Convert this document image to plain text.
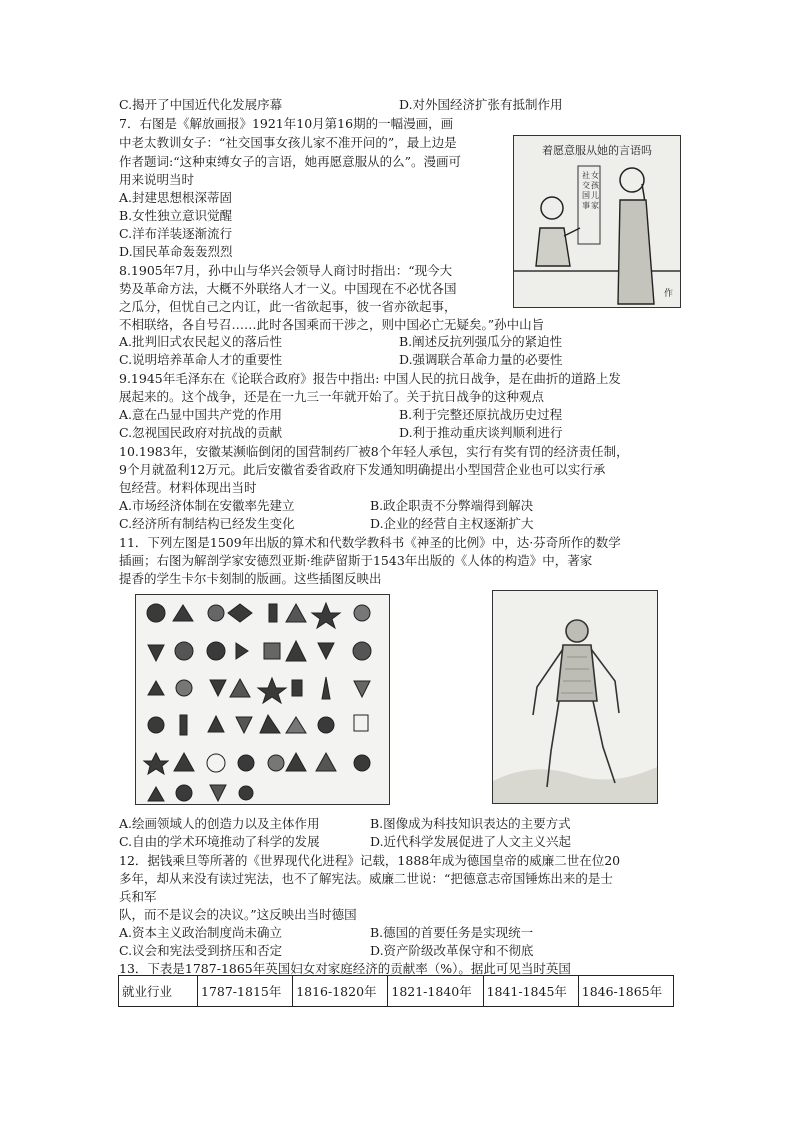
C.揭开了中国近代化发展序幕	D.对外国经济扩张有抵制作用
7．右图是《解放画报》1921年10月第16期的一幅漫画，画
中老太教训女子：“社交国事女孩儿家不准开问的”，最上边是
作者题词:“这种束缚女子的言语，她再愿意服从的么”。漫画可
用来说明当时
A.封建思想根深蒂固
B.女性独立意识觉醒
C.洋布洋装逐渐流行
D.国民革命轰轰烈烈
着愿意服从她的言语吗
社交国事女孩儿家
作
8.1905年7月，孙中山与华兴会领导人商讨时指出：“现今大
势及革命方法，大概不外联络人才一义。中国现在不必忧各国
之瓜分，但忧自己之内讧，此一省欲起事，彼一省亦欲起事，
不相联络，各自号召……此时各国乘而干涉之，则中国必亡无疑矣。”孙中山旨
A.批判旧式农民起义的落后性	B.阐述反抗列强瓜分的紧迫性
C.说明培养革命人才的重要性	D.强调联合革命力量的必要性
9.1945年毛泽东在《论联合政府》报告中指出: 中国人民的抗日战争，是在曲折的道路上发
展起来的。这个战争，还是在一九三一年就开始了。关于抗日战争的这种观点
A.意在凸显中国共产党的作用	B.利于完整还原抗战历史过程
C.忽视国民政府对抗战的贡献	D.利于推动重庆谈判顺利进行
10.1983年，安徽某濒临倒闭的国营制药厂被8个年轻人承包，实行有奖有罚的经济责任制，
9个月就盈利12万元。此后安徽省委省政府下发通知明确提出小型国营企业也可以实行承
包经营。材料体现出当时
A.市场经济体制在安徽率先建立	B.政企职责不分弊端得到解决
C.经济所有制结构已经发生变化	D.企业的经营自主权逐渐扩大
11．下列左图是1509年出版的算术和代数学教科书《神圣的比例》中，达·芬奇所作的数学
插画；右图为解剖学家安德烈亚斯·维萨留斯于1543年出版的《人体的构造》中，著家
提香的学生卡尔卡刻制的版画。这些插图反映出
A.绘画领域人的创造力以及主体作用	B.图像成为科技知识表达的主要方式
C.自由的学术环境推动了科学的发展	D.近代科学发展促进了人文主义兴起
12．据钱乘旦等所著的《世界现代化进程》记载，1888年成为德国皇帝的威廉二世在位20
多年，却从来没有读过宪法，也不了解宪法。威廉二世说：“把德意志帝国锤炼出来的是士
兵和军
队，而不是议会的决议。”这反映出当时德国
A.资本主义政治制度尚未确立	B.德国的首要任务是实现统一
C.议会和宪法受到挤压和否定	D.资产阶级改革保守和不彻底
13．下表是1787-1865年英国妇女对家庭经济的贡献率（%）。据此可见当时英国
就业行业	1787-1815年	1816-1820年	1821-1840年	1841-1845年	1846-1865年
